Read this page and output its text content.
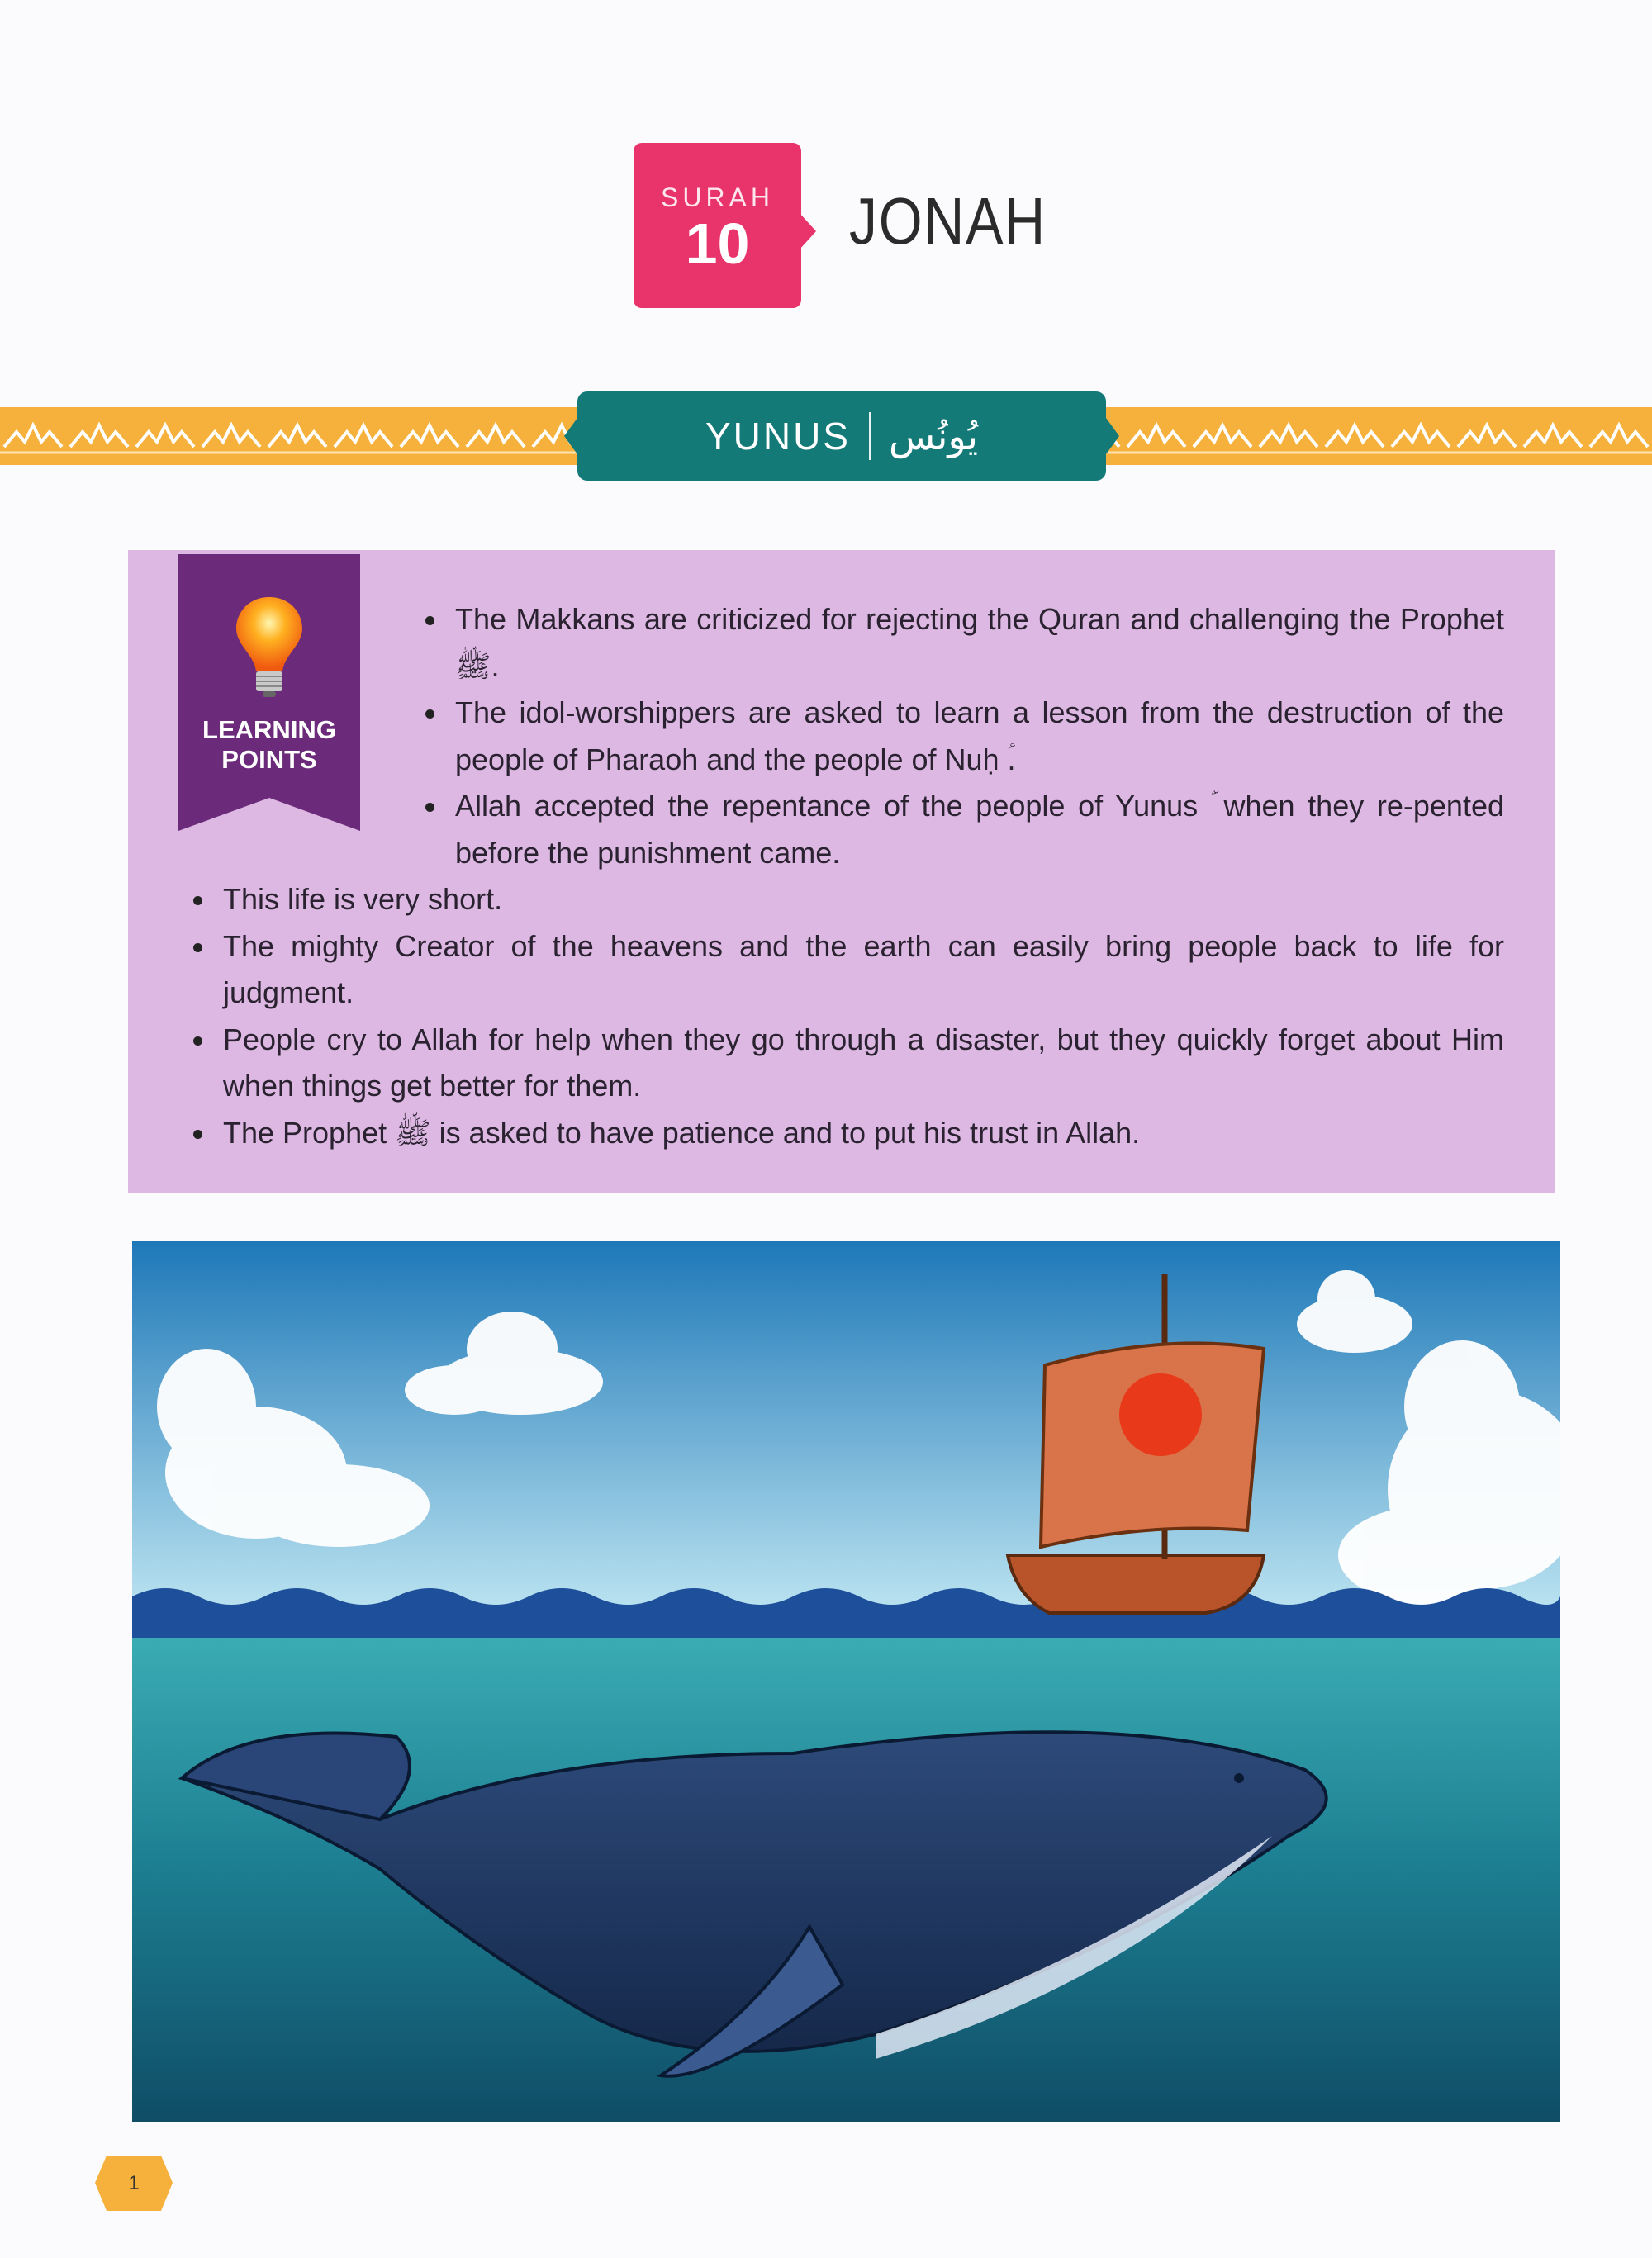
SURAH
10	JONAH
YUNUS يُونُس
LEARNING
POINTS
The Makkans are criticized for rejecting the Quran and challenging the Prophet ﷺ.
The idol-worshippers are asked to learn a lesson from the destruction of the people of Pharaoh and the people of Nuḥ ؑ.
Allah accepted the repentance of the people of Yunus ؑ when they re-pented before the punishment came.
This life is very short.
The mighty Creator of the heavens and the earth can easily bring people back to life for judgment.
People cry to Allah for help when they go through a disaster, but they quickly forget about Him when things get better for them.
The Prophet ﷺ is asked to have patience and to put his trust in Allah.
1
